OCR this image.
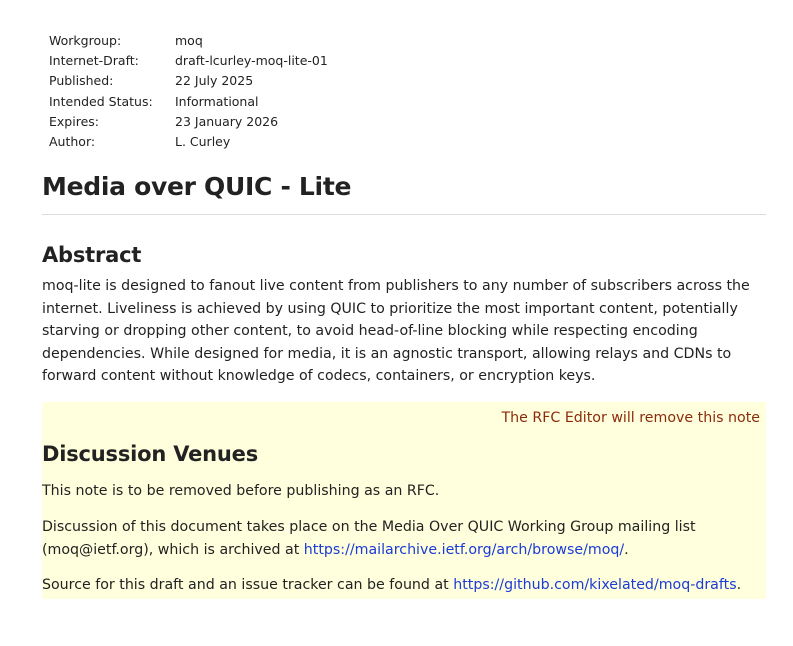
Workgroup:	moq
Internet-Draft:	draft-lcurley-moq-lite-01
Published:	22 July 2025
Intended Status:	Informational
Expires:	23 January 2026
Author:	L. Curley
Media over QUIC - Lite
Abstract

moq-lite is designed to fanout live content from publishers to any number of subscribers across the internet. Liveliness is achieved by using QUIC to prioritize the most important content, potentially starving or dropping other content, to avoid head-of-line blocking while respecting encoding dependencies. While designed for media, it is an agnostic transport, allowing relays and CDNs to forward content without knowledge of codecs, containers, or encryption keys.

The RFC Editor will remove this note
Discussion Venues

This note is to be removed before publishing as an RFC.

Discussion of this document takes place on the Media Over QUIC Working Group mailing list (moq@ietf.org), which is archived at https://mailarchive.ietf.org/arch/browse/moq/.

Source for this draft and an issue tracker can be found at https://github.com/kixelated/moq-drafts.
